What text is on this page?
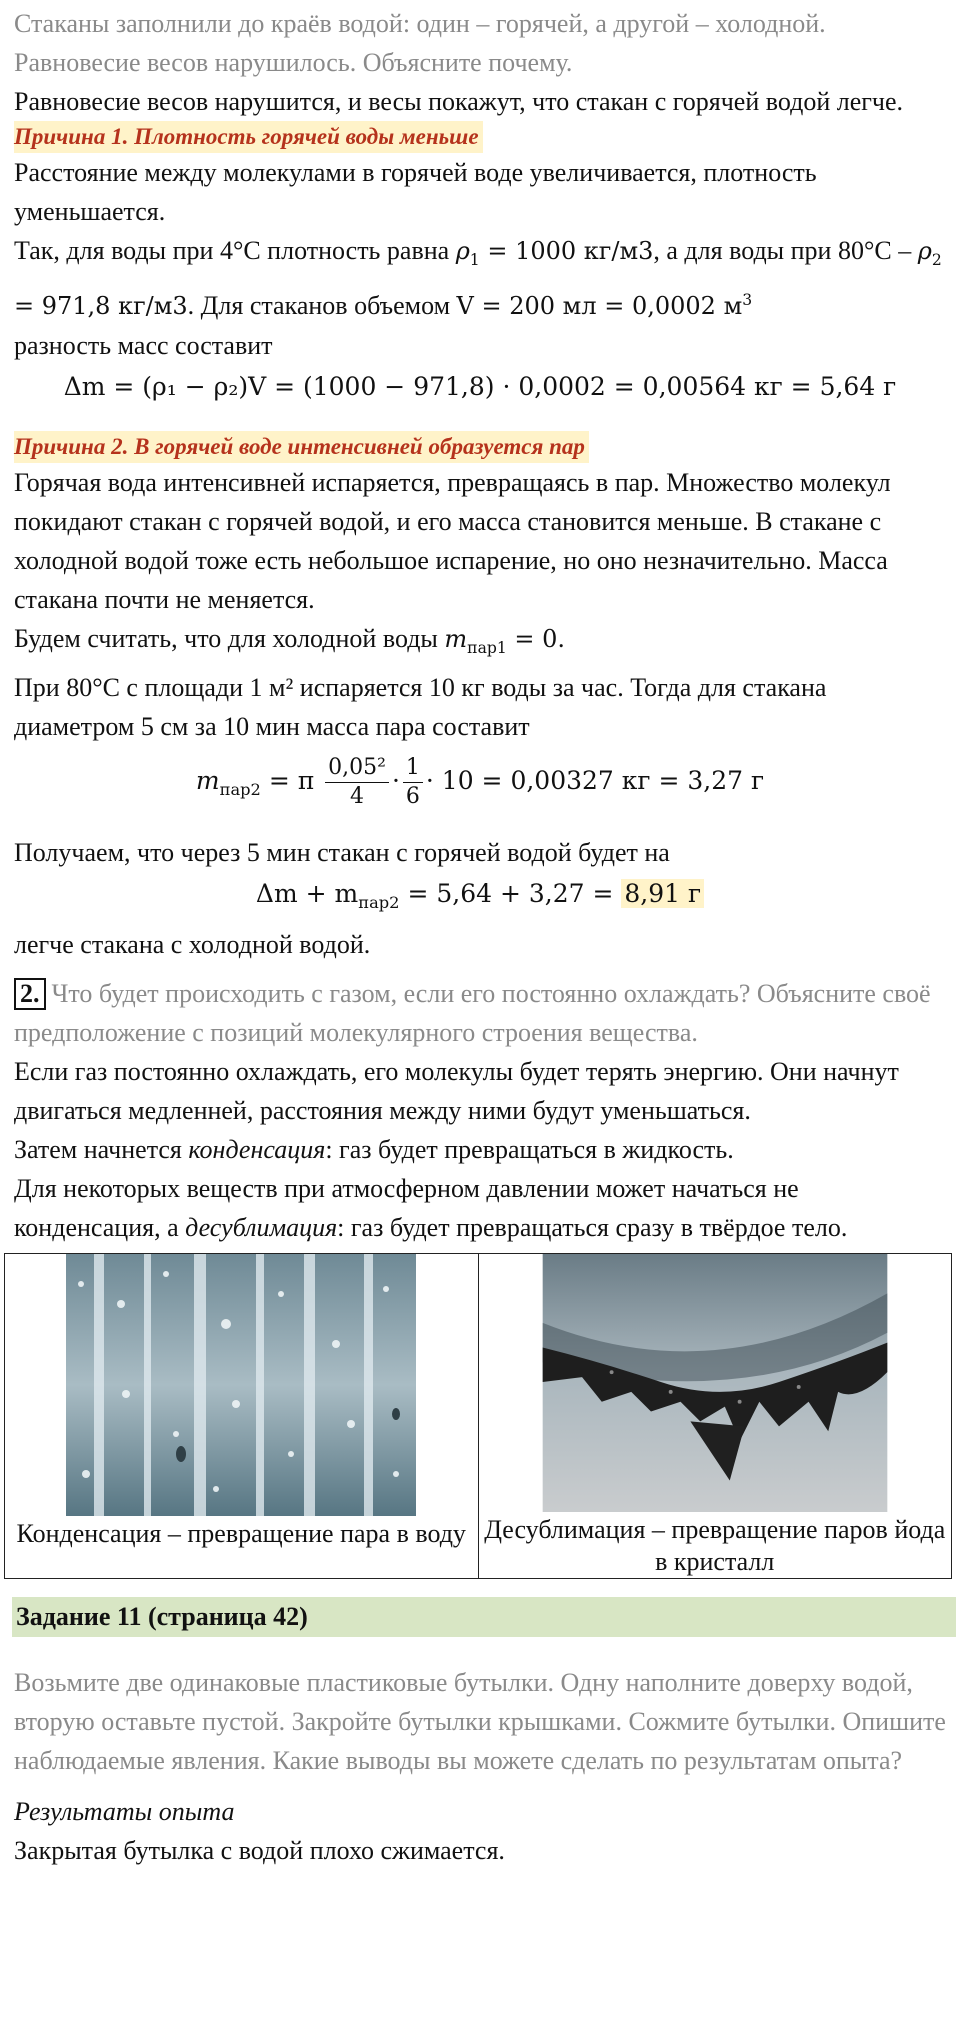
Стаканы заполнили до краёв водой: один – горячей, а другой – холодной. Равновесие весов нарушилось. Объясните почему.

Равновесие весов нарушится, и весы покажут, что стакан с горячей водой легче.

Причина 1. Плотность горячей воды меньше

Расстояние между молекулами в горячей воде увеличивается, плотность уменьшается.

Так, для воды при 4°С плотность равна $\rho_1 = 1000$ кг/м3, а для воды при $80^\circ С - \rho_2 = 971,8$ кг/м3. Для стаканов объемом V = 200 мл = 0,0002 $м^3$
разность масс составит

Δm = (ρ₁ − ρ₂)V = (1000 − 971,8) · 0,0002 = 0,00564 кг = 5,64 г
Причина 2. В горячей воде интенсивней образуется пар

Горячая вода интенсивней испаряется, превращаясь в пар. Множество молекул покидают стакан с горячей водой, и его масса становится меньше. В стакане с холодной водой тоже есть небольшое испарение, но оно незначительно. Масса стакана почти не меняется.

Будем считать, что для холодной воды $m_{пар1} = 0$.

При 80°С с площади 1 м² испаряется 10 кг воды за час. Тогда для стакана диаметром 5 см за 10 мин масса пара составит

$m_{пар2} = \pi \frac{\text{0,05²}}{4} \cdot \frac{1}{6} \cdot 10 = 0,00327$ кг = 3,27 г

Получаем, что через 5 мин стакан с горячей водой будет на

$\Delta m + m_{пар2} = 5,64 + 3,27 = 8,91$ г

легче стакана с холодной водой.

2. Что будет происходить с газом, если его постоянно охлаждать? Объясните своё предположение с позиций молекулярного строения вещества.

Если газ постоянно охлаждать, его молекулы будет терять энергию. Они начнут двигаться медленней, расстояния между ними будут уменьшаться.

Затем начнется конденсация: газ будет превращаться в жидкость.

Для некоторых веществ при атмосферном давлении может начаться не конденсация, а десублимация: газ будет превращаться сразу в твёрдое тело.

Конденсация – превращение пара в воду Десублимация – превращение паров йода в кристалл
Задание 11 (страница 42)

Возьмите две одинаковые пластиковые бутылки. Одну наполните доверху водой, вторую оставьте пустой. Закройте бутылки крышками. Сожмите бутылки. Опишите наблюдаемые явления. Какие выводы вы можете сделать по результатам опыта?

Результаты опыта

Закрытая бутылка с водой плохо сжимается.
